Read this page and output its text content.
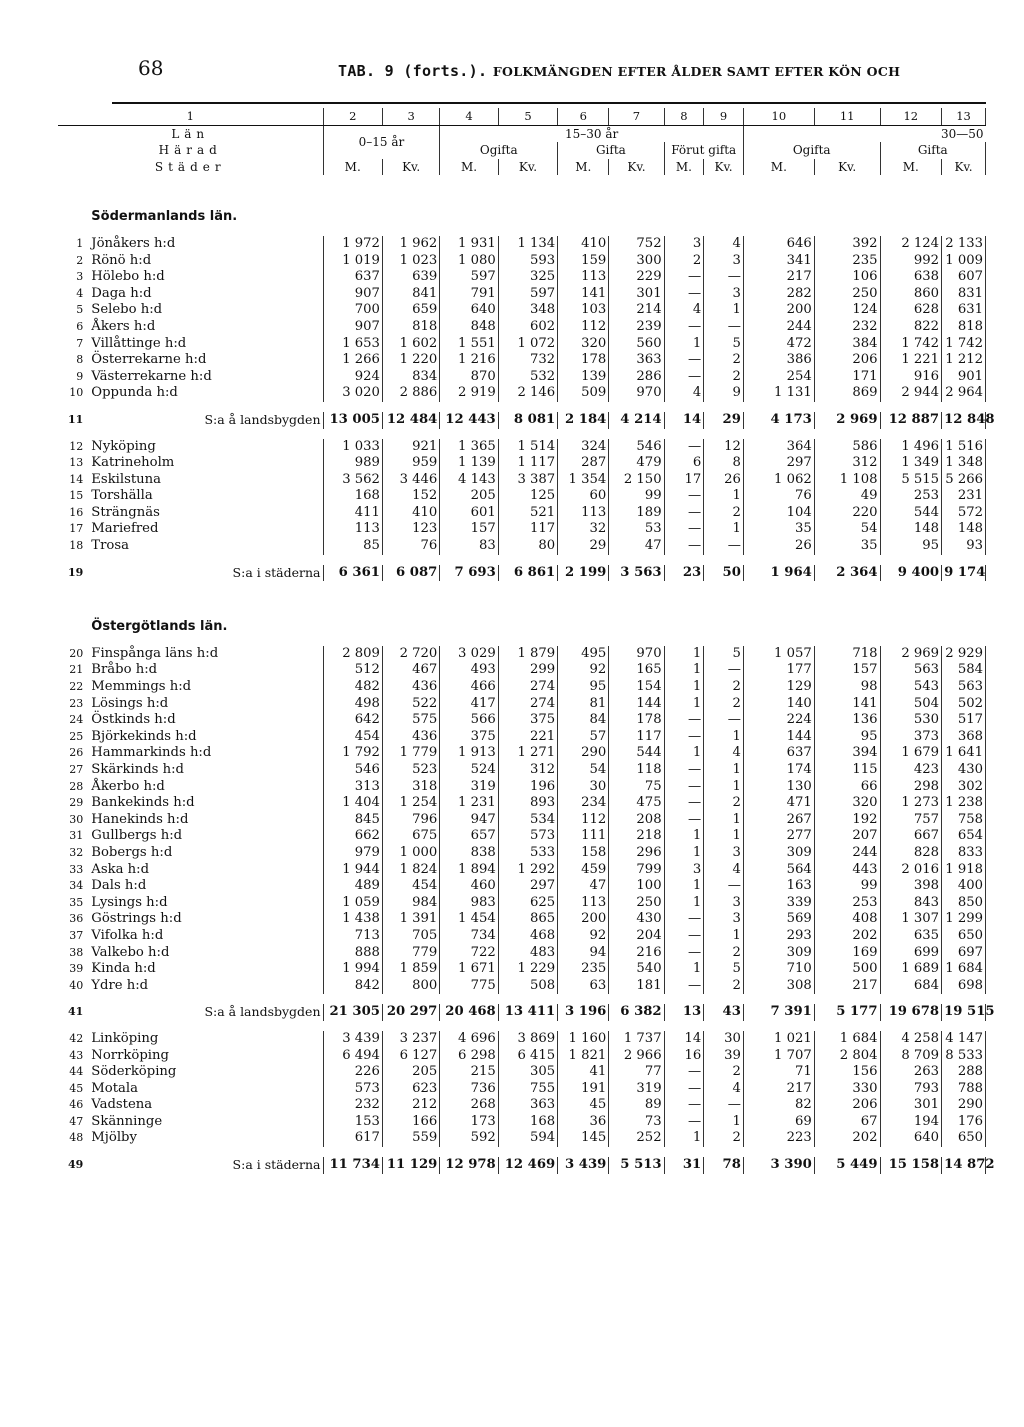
68	TAB. 9 (forts.). FOLKMÄNGDEN EFTER ÅLDER SAMT EFTER KÖN OCH
1		2	3	4	5	6	7	8	9	10	11	12	13

Län
Härad
Städer		0–15 år		15–30 år						30—50			
				Ogifta		Gifta		Förut gifta		Ogifta		Gifta	
		M.	Kv.	M.	Kv.	M.	Kv.	M.	Kv.	M.	Kv.	M.	Kv.

	Södermanlands län.												

1	Jönåkers h:d	1 972	1 962	1 931	1 134	410	752	3	4	646	392	2 124	2 133
2	Rönö h:d	1 019	1 023	1 080	593	159	300	2	3	341	235	992	1 009
3	Hölebo h:d	637	639	597	325	113	229	—	—	217	106	638	607
4	Daga h:d	907	841	791	597	141	301	—	3	282	250	860	831
5	Selebo h:d	700	659	640	348	103	214	4	1	200	124	628	631
6	Åkers h:d	907	818	848	602	112	239	—	—	244	232	822	818
7	Villåttinge h:d	1 653	1 602	1 551	1 072	320	560	1	5	472	384	1 742	1 742
8	Österrekarne h:d	1 266	1 220	1 216	732	178	363	—	2	386	206	1 221	1 212
9	Västerrekarne h:d	924	834	870	532	139	286	—	2	254	171	916	901
10	Oppunda h:d	3 020	2 886	2 919	2 146	509	970	4	9	1 131	869	2 944	2 964

11	S:a å landsbygden	13 005	12 484	12 443	8 081	2 184	4 214	14	29	4 173	2 969	12 887	12 848

12	Nyköping	1 033	921	1 365	1 514	324	546	—	12	364	586	1 496	1 516
13	Katrineholm	989	959	1 139	1 117	287	479	6	8	297	312	1 349	1 348
14	Eskilstuna	3 562	3 446	4 143	3 387	1 354	2 150	17	26	1 062	1 108	5 515	5 266
15	Torshälla	168	152	205	125	60	99	—	1	76	49	253	231
16	Strängnäs	411	410	601	521	113	189	—	2	104	220	544	572
17	Mariefred	113	123	157	117	32	53	—	1	35	54	148	148
18	Trosa	85	76	83	80	29	47	—	—	26	35	95	93

19	S:a i städerna	6 361	6 087	7 693	6 861	2 199	3 563	23	50	1 964	2 364	9 400	9 174

	Östergötlands län.												

20	Finspånga läns h:d	2 809	2 720	3 029	1 879	495	970	1	5	1 057	718	2 969	2 929
21	Bråbo h:d	512	467	493	299	92	165	1	—	177	157	563	584
22	Memmings h:d	482	436	466	274	95	154	1	2	129	98	543	563
23	Lösings h:d	498	522	417	274	81	144	1	2	140	141	504	502
24	Östkinds h:d	642	575	566	375	84	178	—	—	224	136	530	517
25	Björkekinds h:d	454	436	375	221	57	117	—	1	144	95	373	368
26	Hammarkinds h:d	1 792	1 779	1 913	1 271	290	544	1	4	637	394	1 679	1 641
27	Skärkinds h:d	546	523	524	312	54	118	—	1	174	115	423	430
28	Åkerbo h:d	313	318	319	196	30	75	—	1	130	66	298	302
29	Bankekinds h:d	1 404	1 254	1 231	893	234	475	—	2	471	320	1 273	1 238
30	Hanekinds h:d	845	796	947	534	112	208	—	1	267	192	757	758
31	Gullbergs h:d	662	675	657	573	111	218	1	1	277	207	667	654
32	Bobergs h:d	979	1 000	838	533	158	296	1	3	309	244	828	833
33	Aska h:d	1 944	1 824	1 894	1 292	459	799	3	4	564	443	2 016	1 918
34	Dals h:d	489	454	460	297	47	100	1	—	163	99	398	400
35	Lysings h:d	1 059	984	983	625	113	250	1	3	339	253	843	850
36	Göstrings h:d	1 438	1 391	1 454	865	200	430	—	3	569	408	1 307	1 299
37	Vifolka h:d	713	705	734	468	92	204	—	1	293	202	635	650
38	Valkebo h:d	888	779	722	483	94	216	—	2	309	169	699	697
39	Kinda h:d	1 994	1 859	1 671	1 229	235	540	1	5	710	500	1 689	1 684
40	Ydre h:d	842	800	775	508	63	181	—	2	308	217	684	698

41	S:a å landsbygden	21 305	20 297	20 468	13 411	3 196	6 382	13	43	7 391	5 177	19 678	19 515

42	Linköping	3 439	3 237	4 696	3 869	1 160	1 737	14	30	1 021	1 684	4 258	4 147
43	Norrköping	6 494	6 127	6 298	6 415	1 821	2 966	16	39	1 707	2 804	8 709	8 533
44	Söderköping	226	205	215	305	41	77	—	2	71	156	263	288
45	Motala	573	623	736	755	191	319	—	4	217	330	793	788
46	Vadstena	232	212	268	363	45	89	—	—	82	206	301	290
47	Skänninge	153	166	173	168	36	73	—	1	69	67	194	176
48	Mjölby	617	559	592	594	145	252	1	2	223	202	640	650

49	S:a i städerna	11 734	11 129	12 978	12 469	3 439	5 513	31	78	3 390	5 449	15 158	14 872
